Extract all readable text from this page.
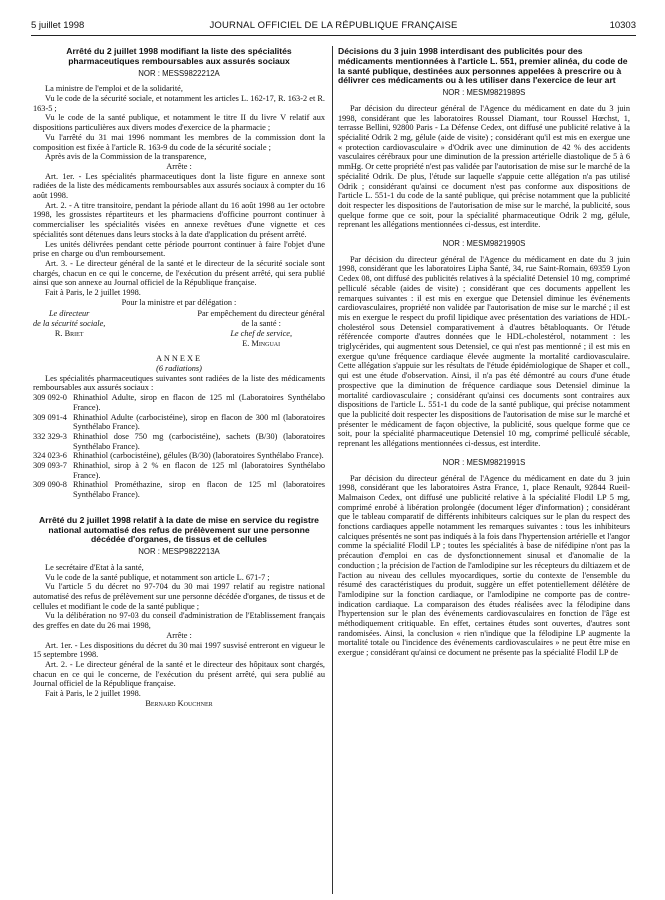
5 juillet 1998	JOURNAL OFFICIEL DE LA RÉPUBLIQUE FRANÇAISE	10303
Arrêté du 2 juillet 1998 modifiant la liste des spécialités pharmaceutiques remboursables aux assurés sociaux
NOR : MESS9822212A

La ministre de l'emploi et de la solidarité,

Vu le code de la sécurité sociale, et notamment les articles L. 162-17, R. 163-2 et R. 163-5 ;

Vu le code de la santé publique, et notamment le titre II du livre V relatif aux dispositions particulières aux divers modes d'exercice de la pharmacie ;

Vu l'arrêté du 31 mai 1996 nommant les membres de la commission dont la composition est fixée à l'article R. 163-9 du code de la sécurité sociale ;

Après avis de la Commission de la transparence,

Arrête :

Art. 1er. - Les spécialités pharmaceutiques dont la liste figure en annexe sont radiées de la liste des médicaments remboursables aux assurés sociaux à compter du 16 août 1998.

Art. 2. - A titre transitoire, pendant la période allant du 16 août 1998 au 1er octobre 1998, les grossistes répartiteurs et les pharmaciens d'officine pourront continuer à commercialiser les spécialités visées en annexe revêtues d'une vignette et ces spécialités sont détenues dans leurs stocks à la date d'application du présent arrêté.

Les unités délivrées pendant cette période pourront continuer à faire l'objet d'une prise en charge ou d'un remboursement.

Art. 3. - Le directeur général de la santé et le directeur de la sécurité sociale sont chargés, chacun en ce qui le concerne, de l'exécution du présent arrêté, qui sera publié ainsi que son annexe au Journal officiel de la République française.

Fait à Paris, le 2 juillet 1998.

Pour la ministre et par délégation :

Le directeur
de la sécurité sociale,
R. Briet
Par empêchement du directeur général
de la santé :
Le chef de service,
E. Minguai
ANNEXE

(6 radiations)

Les spécialités pharmaceutiques suivantes sont radiées de la liste des médicaments remboursables aux assurés sociaux :

309 092-0 Rhinathiol Adulte, sirop en flacon de 125 ml (Laboratoires Synthélabo France).
309 091-4 Rhinathiol Adulte (carbocistéine), sirop en flacon de 300 ml (laboratoires Synthélabo France).
332 329-3 Rhinathiol dose 750 mg (carbocistéine), sachets (B/30) (laboratoires Synthélabo France).
324 023-6 Rhinathiol (carbocistéine), gélules (B/30) (laboratoires Synthélabo France).
309 093-7 Rhinathiol, sirop à 2 % en flacon de 125 ml (laboratoires Synthélabo France).
309 090-8 Rhinathiol Prométhazine, sirop en flacon de 125 ml (laboratoires Synthélabo France).
Arrêté du 2 juillet 1998 relatif à la date de mise en service du registre national automatisé des refus de prélèvement sur une personne décédée d'organes, de tissus et de cellules
NOR : MESP9822213A

Le secrétaire d'Etat à la santé,

Vu le code de la santé publique, et notamment son article L. 671-7 ;

Vu l'article 5 du décret no 97-704 du 30 mai 1997 relatif au registre national automatisé des refus de prélèvement sur une personne décédée d'organes, de tissus et de cellules et modifiant le code de la santé publique ;

Vu la délibération no 97-03 du conseil d'administration de l'Etablissement français des greffes en date du 26 mai 1998,

Arrête :

Art. 1er. - Les dispositions du décret du 30 mai 1997 susvisé entreront en vigueur le 15 septembre 1998.

Art. 2. - Le directeur général de la santé et le directeur des hôpitaux sont chargés, chacun en ce qui le concerne, de l'exécution du présent arrêté, qui sera publié au Journal officiel de la République française.

Fait à Paris, le 2 juillet 1998.

Bernard Kouchner

Décisions du 3 juin 1998 interdisant des publicités pour des médicaments mentionnées à l'article L. 551, premier alinéa, du code de la santé publique, destinées aux personnes appelées à prescrire ou à délivrer ces médicaments ou à les utiliser dans l'exercice de leur art
NOR : MESM9821989S

Par décision du directeur général de l'Agence du médicament en date du 3 juin 1998, considérant que les laboratoires Roussel Diamant, tour Roussel Hœchst, 1, terrasse Bellini, 92800 Paris - La Défense Cedex, ont diffusé une publicité relative à la spécialité Odrik 2 mg, gélule (aide de visite) ; considérant qu'il est mis en exergue une « protection cardiovasculaire » d'Odrik avec une diminution de 42 % des accidents vasculaires cérébraux pour une diminution de la pression artérielle diastolique de 5 à 6 mmHg. Or cette propriété n'est pas validée par l'autorisation de mise sur le marché de la spécialité Odrik. De plus, l'étude sur laquelle s'appuie cette allégation n'a pas utilisé Odrik ; considérant qu'ainsi ce document n'est pas conforme aux dispositions de l'article L. 551-1 du code de la santé publique, qui précise notamment que la publicité doit respecter les dispositions de l'autorisation de mise sur le marché, la publicité, sous quelque forme que ce soit, pour la spécialité pharmaceutique Odrik 2 mg, gélule, reprenant les allégations mentionnées ci-dessus, est interdite.

NOR : MESM9821990S

Par décision du directeur général de l'Agence du médicament en date du 3 juin 1998, considérant que les laboratoires Lipha Santé, 34, rue Saint-Romain, 69359 Lyon Cedex 08, ont diffusé des publicités relatives à la spécialité Detensiel 10 mg, comprimé pelliculé sécable (aides de visite) ; considérant que ces documents appellent les remarques suivantes : il est mis en exergue que Detensiel diminue les événements cardiovasculaires, propriété non validée par l'autorisation de mise sur le marché ; il est mis en exergue le respect du profil lipidique avec présentation des variations de HDL-cholestérol sous Detensiel comparativement à d'autres bêtabloquants. Or l'étude référencée comporte d'autres données que le HDL-cholestérol, notamment : les triglycérides, qui augmentent sous Detensiel, ce qui n'est pas mentionné ; il est mis en exergue qu'une fréquence cardiaque élevée augmente la mortalité cardiovasculaire. Cette allégation s'appuie sur les résultats de l'étude épidémiologique de Shaper et coll., qui est une étude d'observation. Ainsi, il n'a pas été démontré au cours d'une étude prospective que la diminution de fréquence cardiaque sous Detensiel diminue la mortalité cardiovasculaire ; considérant qu'ainsi ces documents sont contraires aux dispositions de l'article L. 551-1 du code de la santé publique, qui précise notamment que la publicité doit respecter les dispositions de l'autorisation de mise sur le marché et présenter le médicament de façon objective, la publicité, sous quelque forme que ce soit, pour la spécialité pharmaceutique Detensiel 10 mg, comprimé pelliculé sécable, reprenant les allégations mentionnées ci-dessus, est interdite.

NOR : MESM9821991S

Par décision du directeur général de l'Agence du médicament en date du 3 juin 1998, considérant que les laboratoires Astra France, 1, place Renault, 92844 Rueil-Malmaison Cedex, ont diffusé une publicité relative à la spécialité Flodil LP 5 mg, comprimé enrobé à libération prolongée (document léger d'information) ; considérant que le tableau comparatif de différents inhibiteurs calciques sur le plan du respect des fonctions cardiaques appelle notamment les remarques suivantes : tous les inhibiteurs calciques présentés ne sont pas indiqués à la fois dans l'hypertension artérielle et l'angor comme la spécialité Flodil LP ; toutes les spécialités à base de nifédipine n'ont pas la précaution d'emploi en cas de dysfonctionnement sinusal et d'anomalie de la conduction ; la précision de l'action de l'amlodipine sur les récepteurs du diltiazem et de l'action au niveau des cellules myocardiques, sortie du contexte de l'ensemble du résumé des caractéristiques du produit, suggère un effet potentiellement délétère de l'amlodipine sur la fonction cardiaque, or l'amlodipine ne comporte pas de contre-indication cardiaque. La comparaison des études réalisées avec la félodipine dans l'hypertension sur le plan des événements cardiovasculaires en fonction de l'âge est méthodiquement critiquable. En effet, certaines études sont ouvertes, d'autres sont randomisées. Ainsi, la conclusion « rien n'indique que la félodipine LP augmente la mortalité totale ou l'incidence des événements cardiovasculaires » ne peut être mise en exergue ; considérant qu'ainsi ce document ne présente pas la spécialité Flodil LP de
